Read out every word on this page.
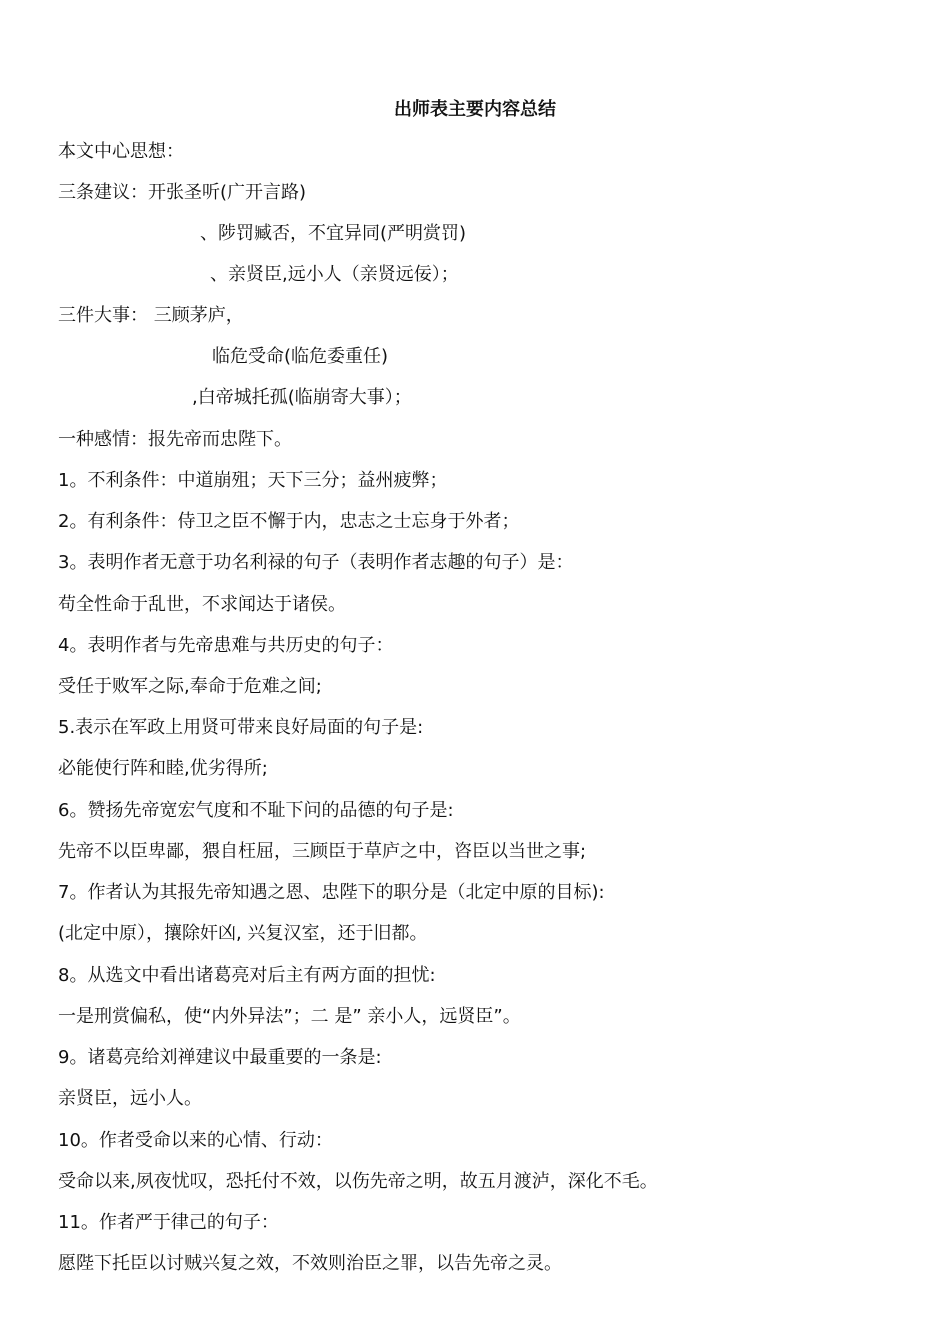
出师表主要内容总结
本文中心思想：
三条建议：开张圣听(广开言路)
、陟罚臧否，不宜异同(严明赏罚)
、亲贤臣,远小人（亲贤远佞）；
三件大事： 三顾茅庐，
临危受命(临危委重任)
,白帝城托孤(临崩寄大事）；
一种感情：报先帝而忠陛下。
1。不利条件：中道崩殂；天下三分；益州疲弊；
2。有利条件：侍卫之臣不懈于内，忠志之士忘身于外者；
3。表明作者无意于功名利禄的句子（表明作者志趣的句子）是：
苟全性命于乱世，不求闻达于诸侯。
4。表明作者与先帝患难与共历史的句子：
受任于败军之际,奉命于危难之间;
5.表示在军政上用贤可带来良好局面的句子是:
必能使行阵和睦,优劣得所;
6。赞扬先帝宽宏气度和不耻下问的品德的句子是:
先帝不以臣卑鄙，猥自枉屈，三顾臣于草庐之中，咨臣以当世之事;
7。作者认为其报先帝知遇之恩、忠陛下的职分是（北定中原的目标):
(北定中原），攘除奸凶, 兴复汉室，还于旧都。
8。从选文中看出诸葛亮对后主有两方面的担忧:
一是刑赏偏私，使“内外异法”；二 是” 亲小人，远贤臣”。
9。诸葛亮给刘禅建议中最重要的一条是:
亲贤臣，远小人。
10。作者受命以来的心情、行动：
受命以来,夙夜忧叹，恐托付不效，以伤先帝之明，故五月渡泸，深化不毛。
11。作者严于律己的句子：
愿陛下托臣以讨贼兴复之效，不效则治臣之罪，以告先帝之灵。
